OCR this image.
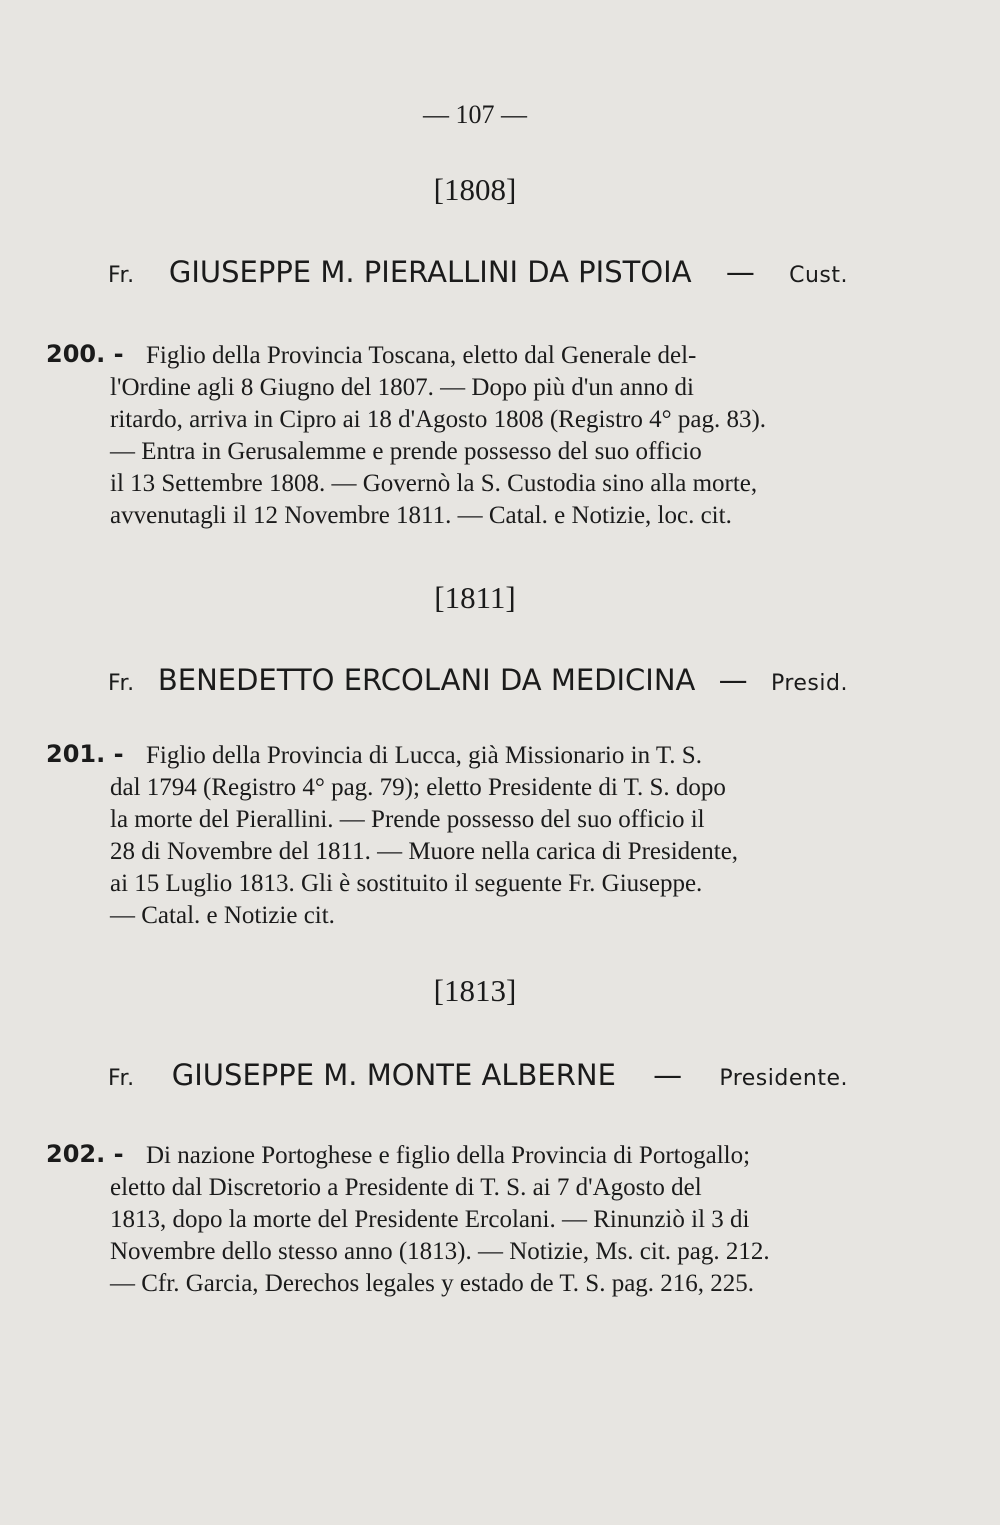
— 107 —
[1808]
Fr. GIUSEPPE M. PIERALLINI DA PISTOIA — Cust.
200. - Figlio della Provincia Toscana, eletto dal Generale del-
l'Ordine agli 8 Giugno del 1807. — Dopo più d'un anno di
ritardo, arriva in Cipro ai 18 d'Agosto 1808 (Registro 4° pag. 83).
— Entra in Gerusalemme e prende possesso del suo officio
il 13 Settembre 1808. — Governò la S. Custodia sino alla morte,
avvenutagli il 12 Novembre 1811. — Catal. e Notizie, loc. cit.

[1811]
Fr. BENEDETTO ERCOLANI DA MEDICINA — Presid.
201. - Figlio della Provincia di Lucca, già Missionario in T. S.
dal 1794 (Registro 4° pag. 79); eletto Presidente di T. S. dopo
la morte del Pierallini. — Prende possesso del suo officio il
28 di Novembre del 1811. — Muore nella carica di Presidente,
ai 15 Luglio 1813. Gli è sostituito il seguente Fr. Giuseppe.
— Catal. e Notizie cit.

[1813]
Fr. GIUSEPPE M. MONTE ALBERNE — Presidente.
202. - Di nazione Portoghese e figlio della Provincia di Portogallo;
eletto dal Discretorio a Presidente di T. S. ai 7 d'Agosto del
1813, dopo la morte del Presidente Ercolani. — Rinunziò il 3 di
Novembre dello stesso anno (1813). — Notizie, Ms. cit. pag. 212.
— Cfr. Garcia, Derechos legales y estado de T. S. pag. 216, 225.
